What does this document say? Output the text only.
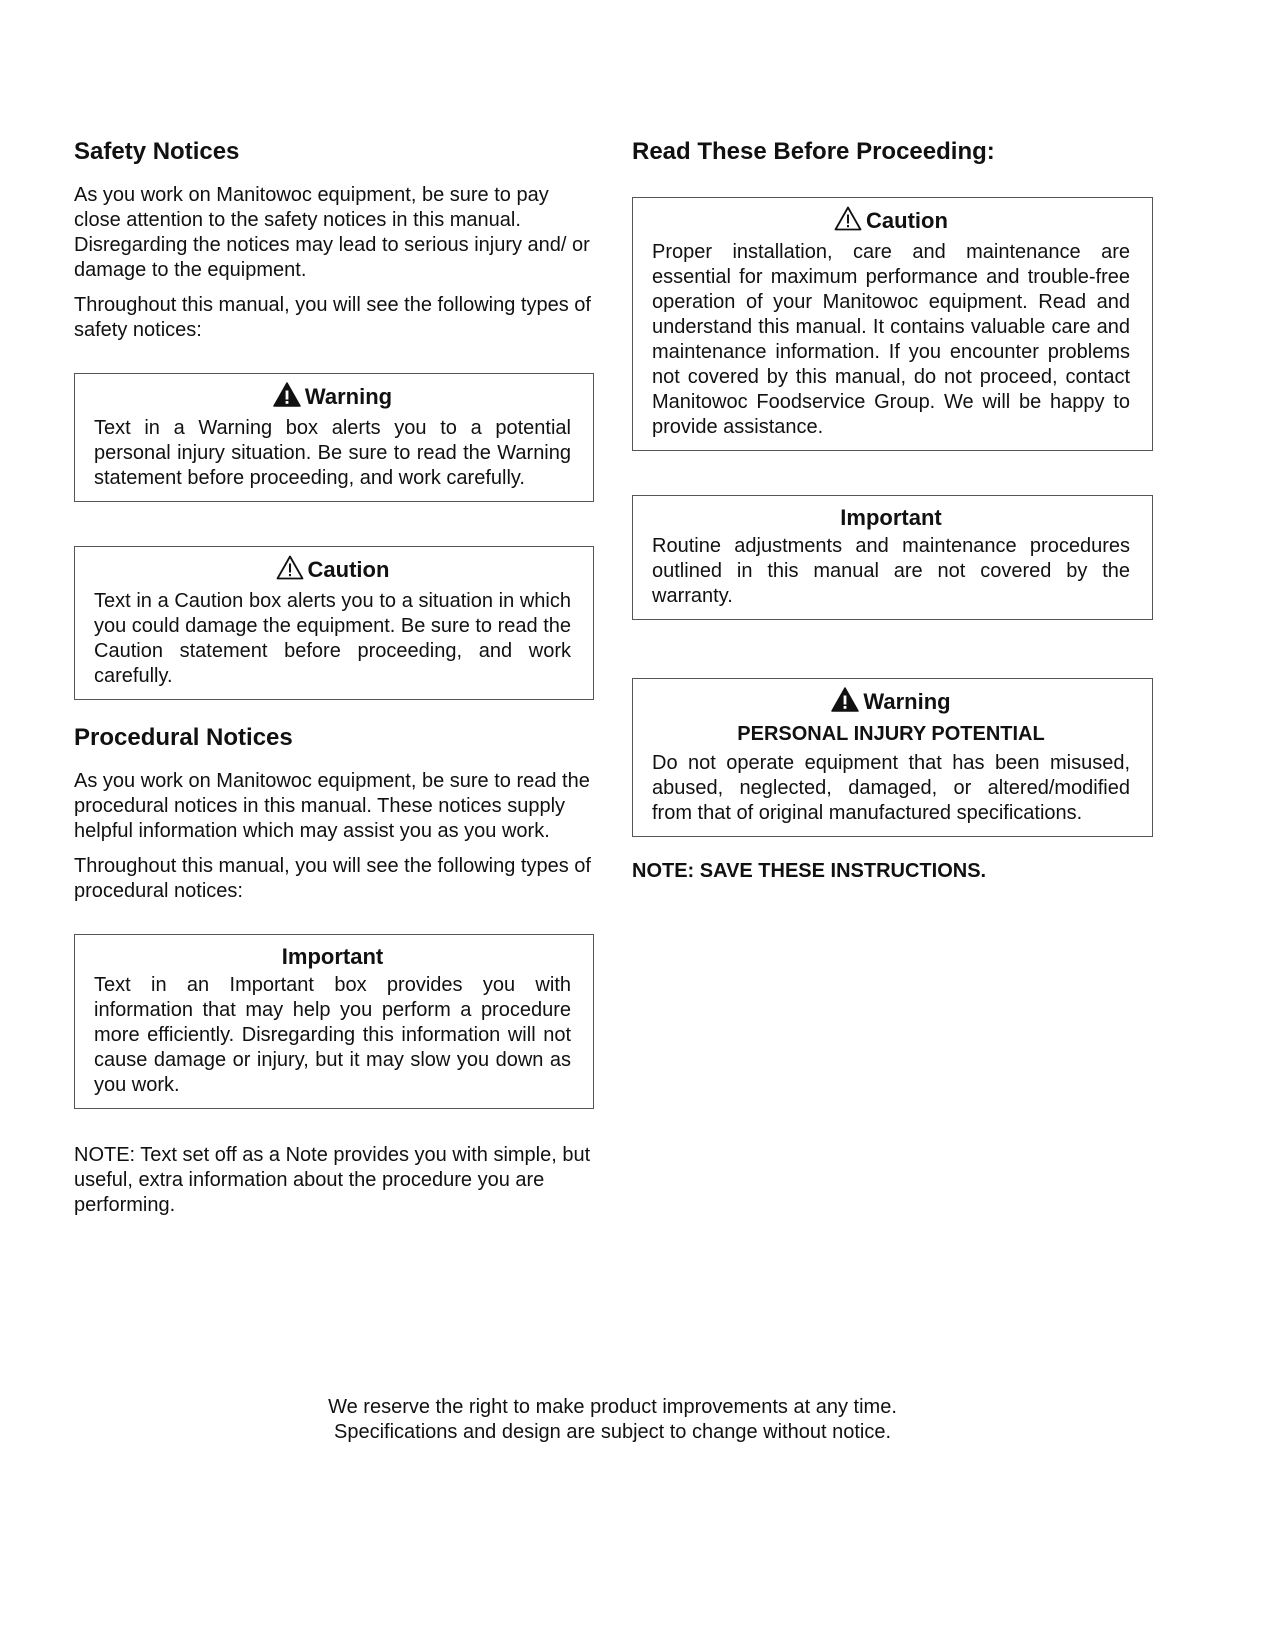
Safety Notices

As you work on Manitowoc equipment, be sure to pay close attention to the safety notices in this manual. Disregarding the notices may lead to serious injury and/ or damage to the equipment.

Throughout this manual, you will see the following types of safety notices:

Warning
Text in a Warning box alerts you to a potential personal injury situation. Be sure to read the Warning statement before proceeding, and work carefully.
Caution
Text in a Caution box alerts you to a situation in which you could damage the equipment. Be sure to read the Caution statement before proceeding, and work carefully.
Procedural Notices

As you work on Manitowoc equipment, be sure to read the procedural notices in this manual. These notices supply helpful information which may assist you as you work.

Throughout this manual, you will see the following types of procedural notices:

Important
Text in an Important box provides you with information that may help you perform a procedure more efficiently. Disregarding this information will not cause damage or injury, but it may slow you down as you work.

NOTE: Text set off as a Note provides you with simple, but useful, extra information about the procedure you are performing.

Read These Before Proceeding:
Caution
Proper installation, care and maintenance are essential for maximum performance and trouble-free operation of your Manitowoc equipment. Read and understand this manual. It contains valuable care and maintenance information. If you encounter problems not covered by this manual, do not proceed, contact Manitowoc Foodservice Group. We will be happy to provide assistance.
Important
Routine adjustments and maintenance procedures outlined in this manual are not covered by the warranty.
Warning
PERSONAL INJURY POTENTIAL
Do not operate equipment that has been misused, abused, neglected, damaged, or altered/modified from that of original manufactured specifications.
NOTE: SAVE THESE INSTRUCTIONS.
We reserve the right to make product improvements at any time.
Specifications and design are subject to change without notice.
